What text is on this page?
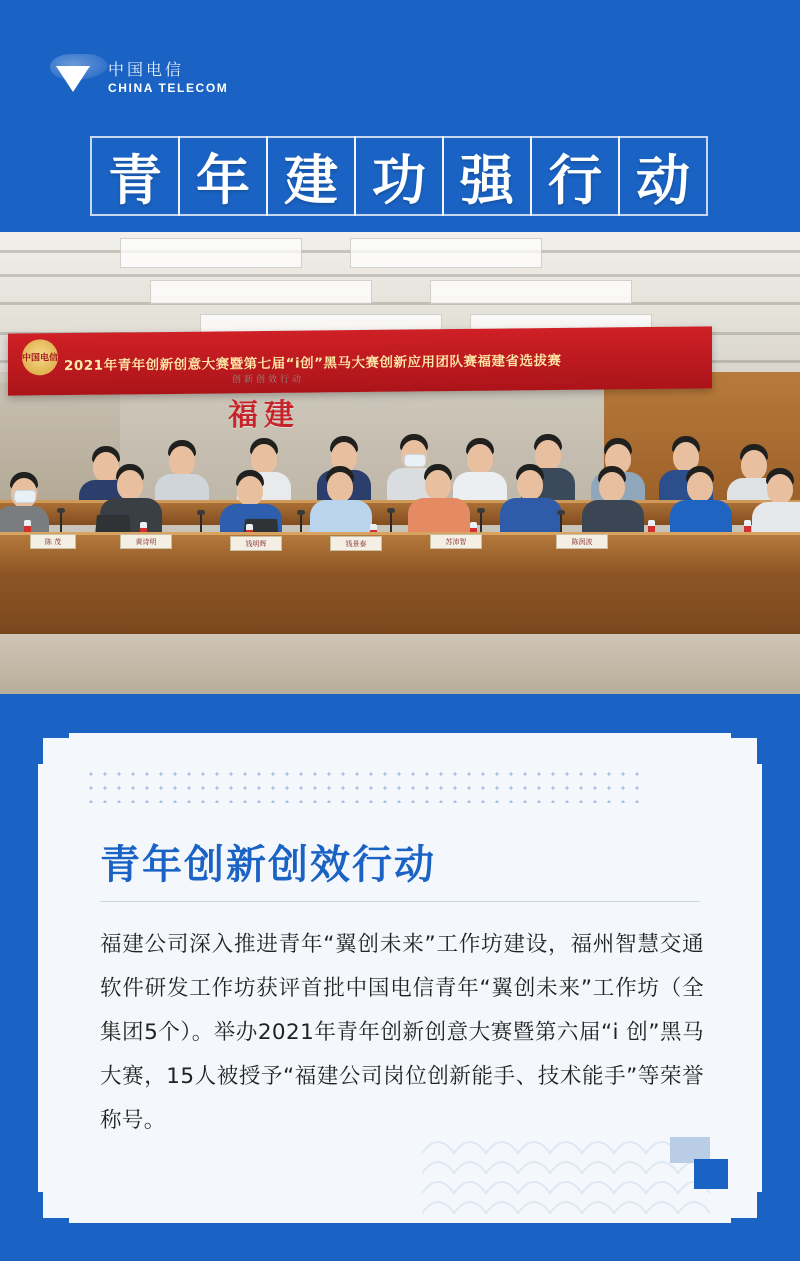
中国电信
CHINA TELECOM
青 年 建 功 强 行 动
陈 茂	黄诗明	钱明辉	钱景泰	苏沛智	陈润波
中国电信 2021年青年创新创意大赛暨第七届“i创”黑马大赛创新应用团队赛福建省选拔赛
创新创效行动
福建
青年创新创效行动
福建公司深入推进青年“翼创未来”工作坊建设，福州智慧交通软件研发工作坊获评首批中国电信青年“翼创未来”工作坊（全集团5个）。举办2021年青年创新创意大赛暨第六届“i 创”黑马大赛，15人被授予“福建公司岗位创新能手、技术能手”等荣誉称号。
